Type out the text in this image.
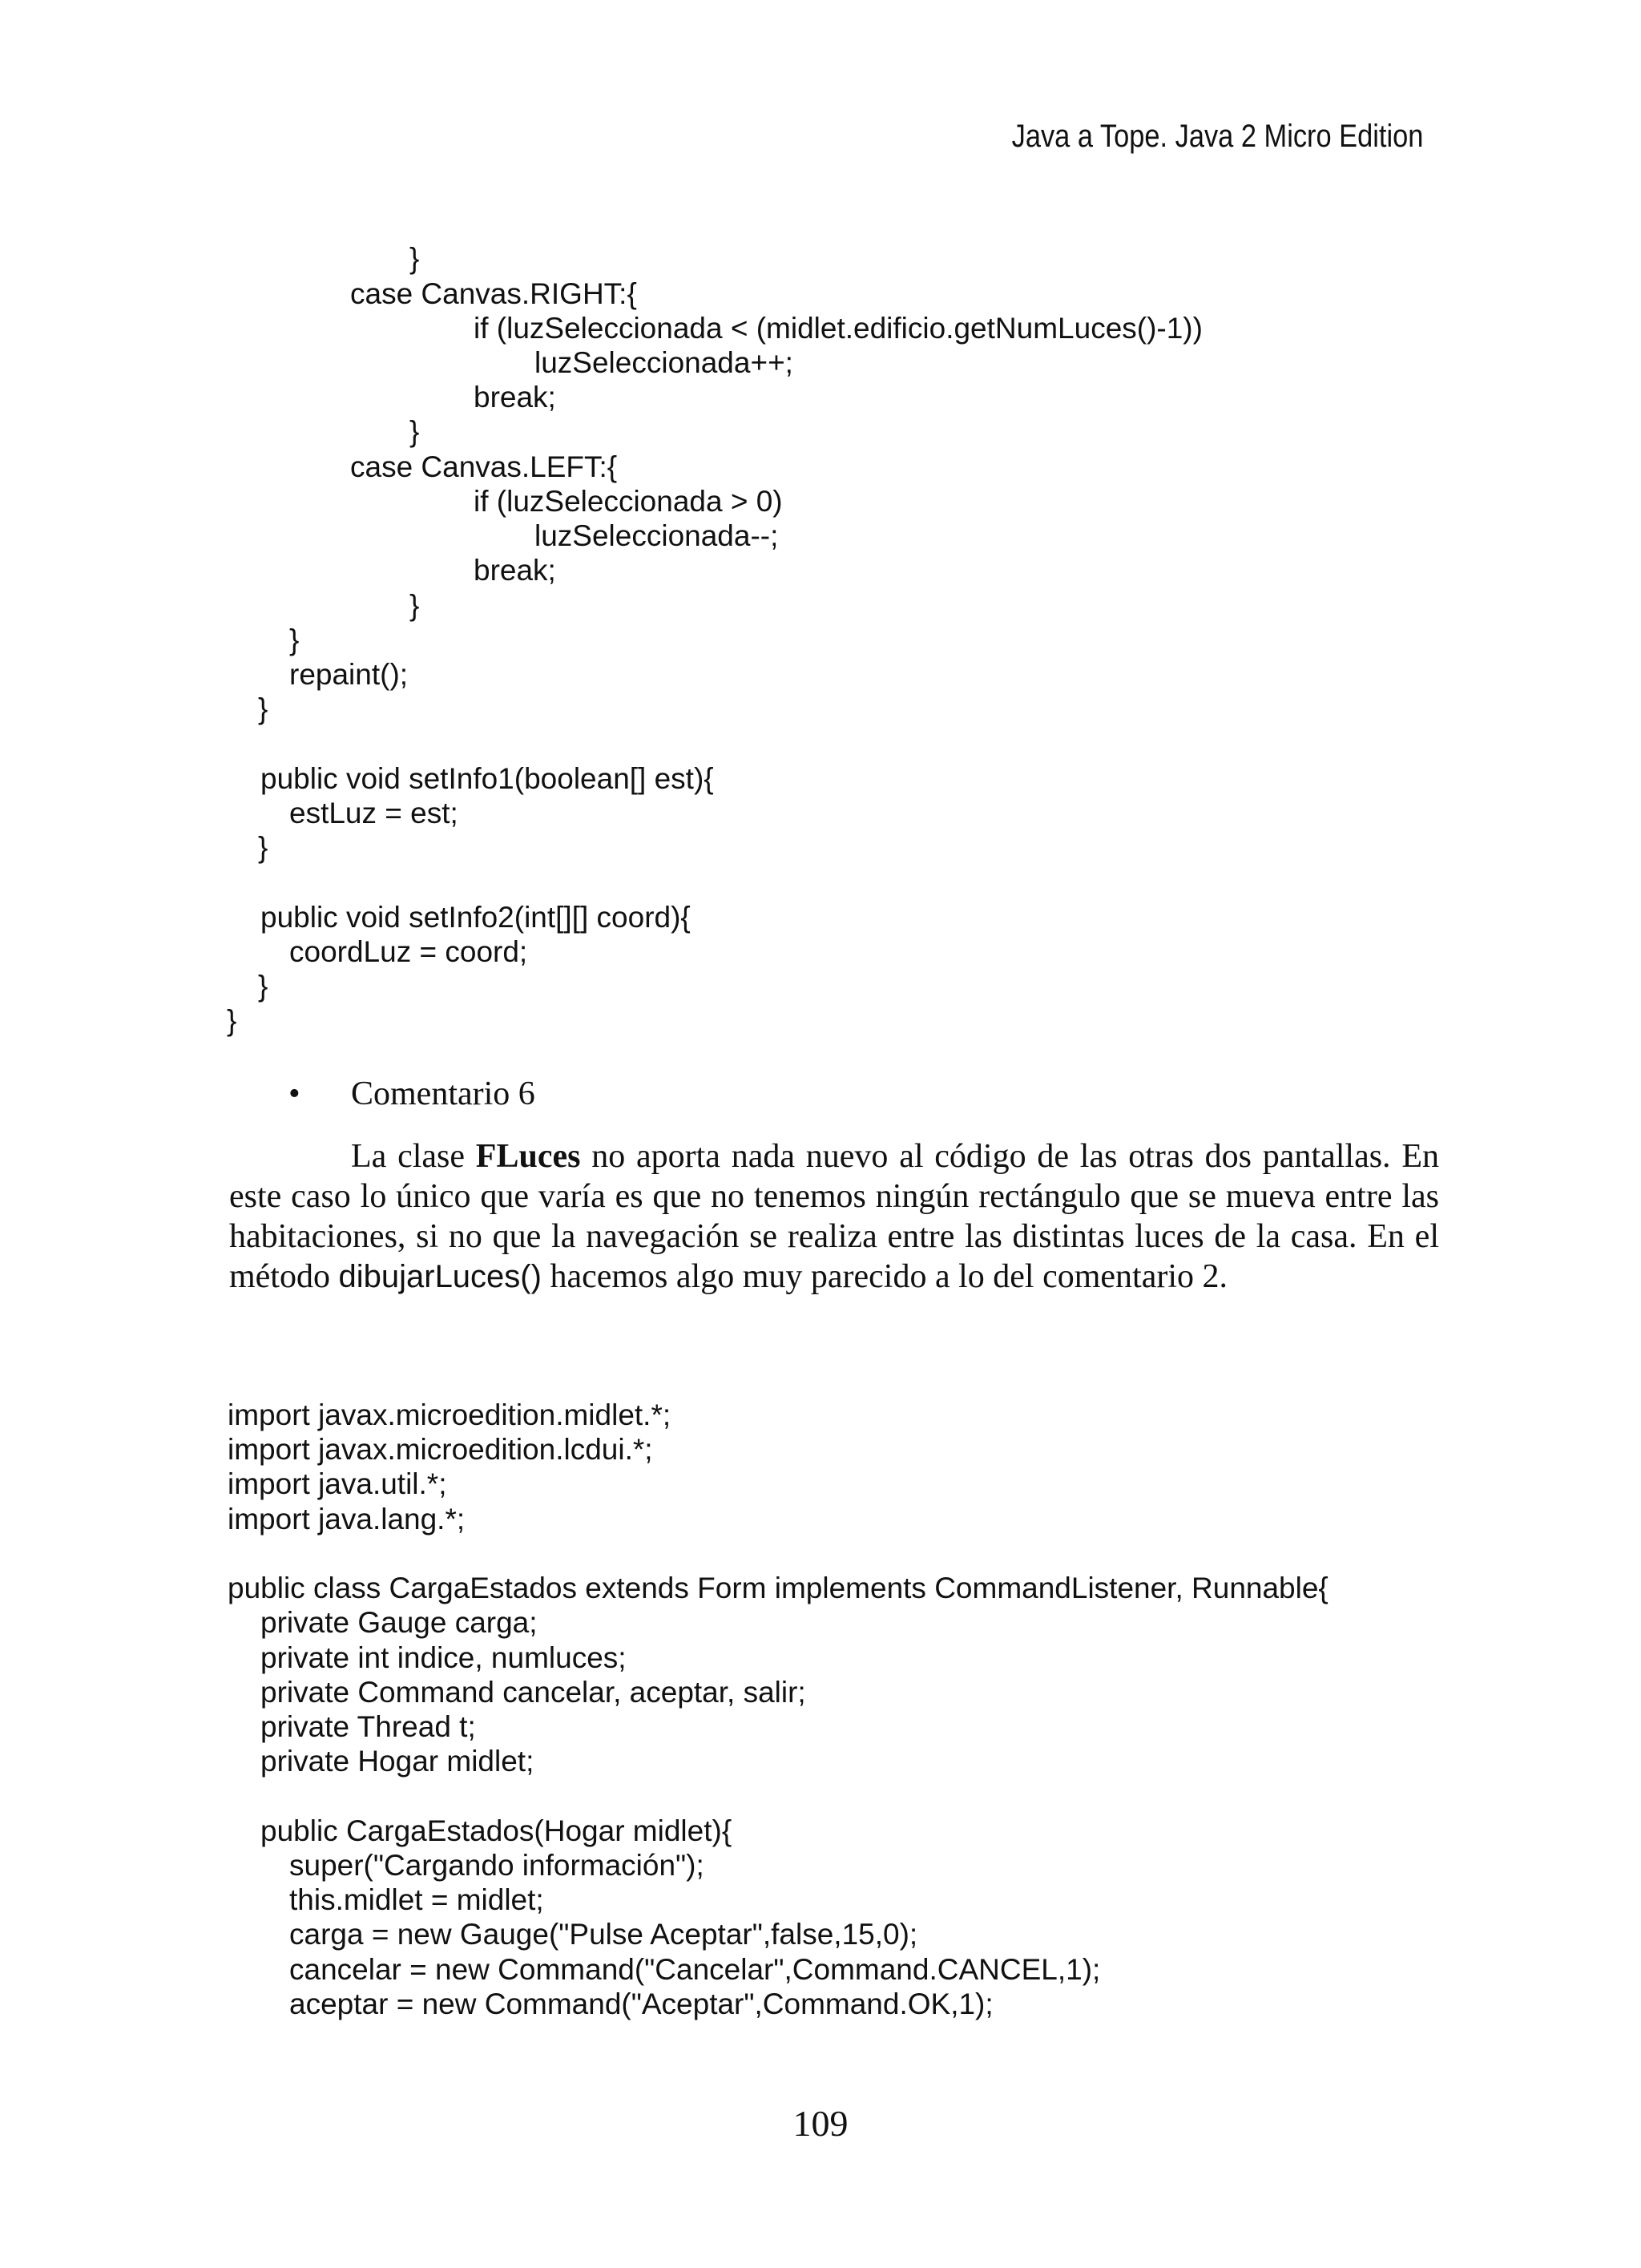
Java a Tope. Java 2 Micro Edition
}
case Canvas.RIGHT:{
if (luzSeleccionada < (midlet.edificio.getNumLuces()-1))
luzSeleccionada++;
break;
}
case Canvas.LEFT:{
if (luzSeleccionada > 0)
luzSeleccionada--;
break;
}
}
repaint();
}
public void setInfo1(boolean[] est){
estLuz = est;
}
public void setInfo2(int[][] coord){
coordLuz = coord;
}
}
• Comentario 6
La clase FLuces no aporta nada nuevo al código de las otras dos pantallas. En este caso lo único que varía es que no tenemos ningún rectángulo que se mueva entre las habitaciones, si no que la navegación se realiza entre las distintas luces de la casa. En el método dibujarLuces() hacemos algo muy parecido a lo del comentario 2.
import javax.microedition.midlet.*;
import javax.microedition.lcdui.*;
import java.util.*;
import java.lang.*;
public class CargaEstados extends Form implements CommandListener, Runnable{
private Gauge carga;
private int indice, numluces;
private Command cancelar, aceptar, salir;
private Thread t;
private Hogar midlet;
public CargaEstados(Hogar midlet){
super("Cargando información");
this.midlet = midlet;
carga = new Gauge("Pulse Aceptar",false,15,0);
cancelar = new Command("Cancelar",Command.CANCEL,1);
aceptar = new Command("Aceptar",Command.OK,1);
109
